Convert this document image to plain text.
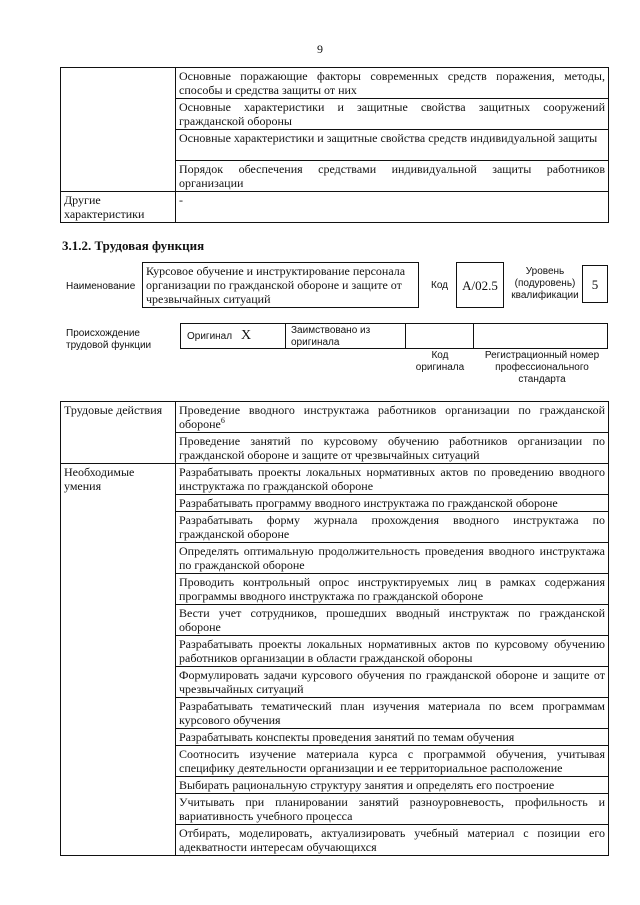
9
	Основные поражающие факторы современных средств поражения, методы, способы и средства защиты от них
	Основные характеристики и защитные свойства защитных сооружений гражданской обороны
	Основные характеристики и защитные свойства средств индивидуальной защиты
	Порядок обеспечения средствами индивидуальной защиты работников организации
Другие характеристики	-
3.1.2. Трудовая функция
Наименование
Курсовое обучение и инструктирование персонала организации по гражданской обороне и защите от чрезвычайных ситуаций
Код	A/02.5
Уровень (подуровень) квалификации
5
Происхождение трудовой функции
Оригинал X	Заимствовано из оригинала
Код оригинала
Регистрационный номер профессионального стандарта
Трудовые действия	Проведение вводного инструктажа работников организации по гражданской обороне$^6$
	Проведение занятий по курсовому обучению работников организации по гражданской обороне и защите от чрезвычайных ситуаций
Необходимые умения	Разрабатывать проекты локальных нормативных актов по проведению вводного инструктажа по гражданской обороне
	Разрабатывать программу вводного инструктажа по гражданской обороне
	Разрабатывать форму журнала прохождения вводного инструктажа по гражданской обороне
	Определять оптимальную продолжительность проведения вводного инструктажа по гражданской обороне
	Проводить контрольный опрос инструктируемых лиц в рамках содержания программы вводного инструктажа по гражданской обороне
	Вести учет сотрудников, прошедших вводный инструктаж по гражданской обороне
	Разрабатывать проекты локальных нормативных актов по курсовому обучению работников организации в области гражданской обороны
	Формулировать задачи курсового обучения по гражданской обороне и защите от чрезвычайных ситуаций
	Разрабатывать тематический план изучения материала по всем программам курсового обучения
	Разрабатывать конспекты проведения занятий по темам обучения
	Соотносить изучение материала курса с программой обучения, учитывая специфику деятельности организации и ее территориальное расположение
	Выбирать рациональную структуру занятия и определять его построение
	Учитывать при планировании занятий разноуровневость, профильность и вариативность учебного процесса
	Отбирать, моделировать, актуализировать учебный материал с позиции его адекватности интересам обучающихся
